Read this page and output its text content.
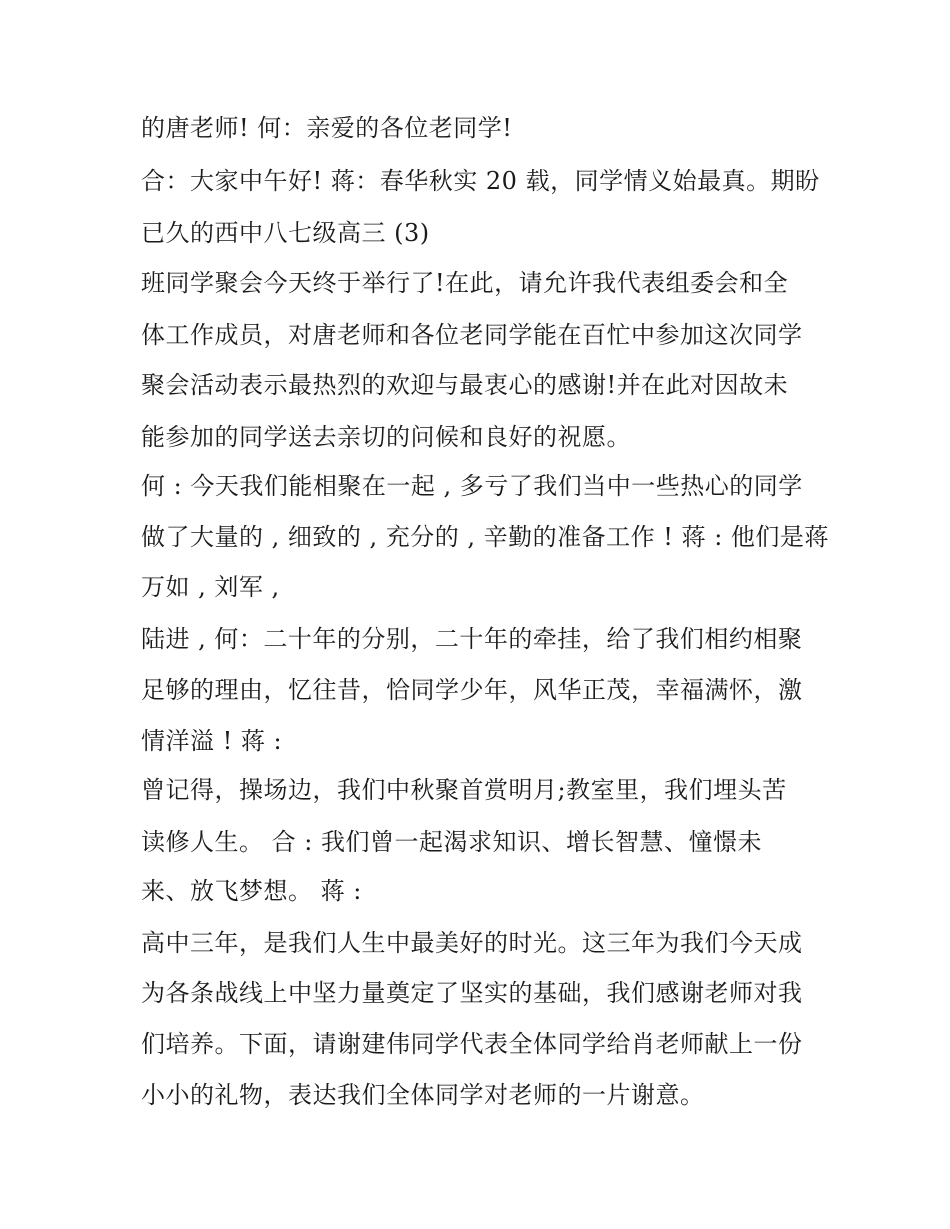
的唐老师! 何：亲爱的各位老同学!
合：大家中午好! 蒋：春华秋实 20 载，同学情义始最真。期盼
已久的西中八七级高三 (3)
班同学聚会今天终于举行了!在此，请允许我代表组委会和全
体工作成员，对唐老师和各位老同学能在百忙中参加这次同学
聚会活动表示最热烈的欢迎与最衷心的感谢!并在此对因故未
能参加的同学送去亲切的问候和良好的祝愿。
何 : 今天我们能相聚在一起 , 多亏了我们当中一些热心的同学
做了大量的 , 细致的 , 充分的 , 辛勤的准备工作 ! 蒋 : 他们是蒋
万如 , 刘军 ,
陆进 , 何：二十年的分别，二十年的牵挂，给了我们相约相聚
足够的理由，忆往昔，恰同学少年，风华正茂，幸福满怀，激
情洋溢 ! 蒋 :
曾记得，操场边，我们中秋聚首赏明月;教室里，我们埋头苦
读修人生。 合 : 我们曾一起渴求知识、增长智慧、憧憬未
来、放飞梦想。 蒋 :
高中三年，是我们人生中最美好的时光。这三年为我们今天成
为各条战线上中坚力量奠定了坚实的基础，我们感谢老师对我
们培养。下面，请谢建伟同学代表全体同学给肖老师献上一份
小小的礼物，表达我们全体同学对老师的一片谢意。
